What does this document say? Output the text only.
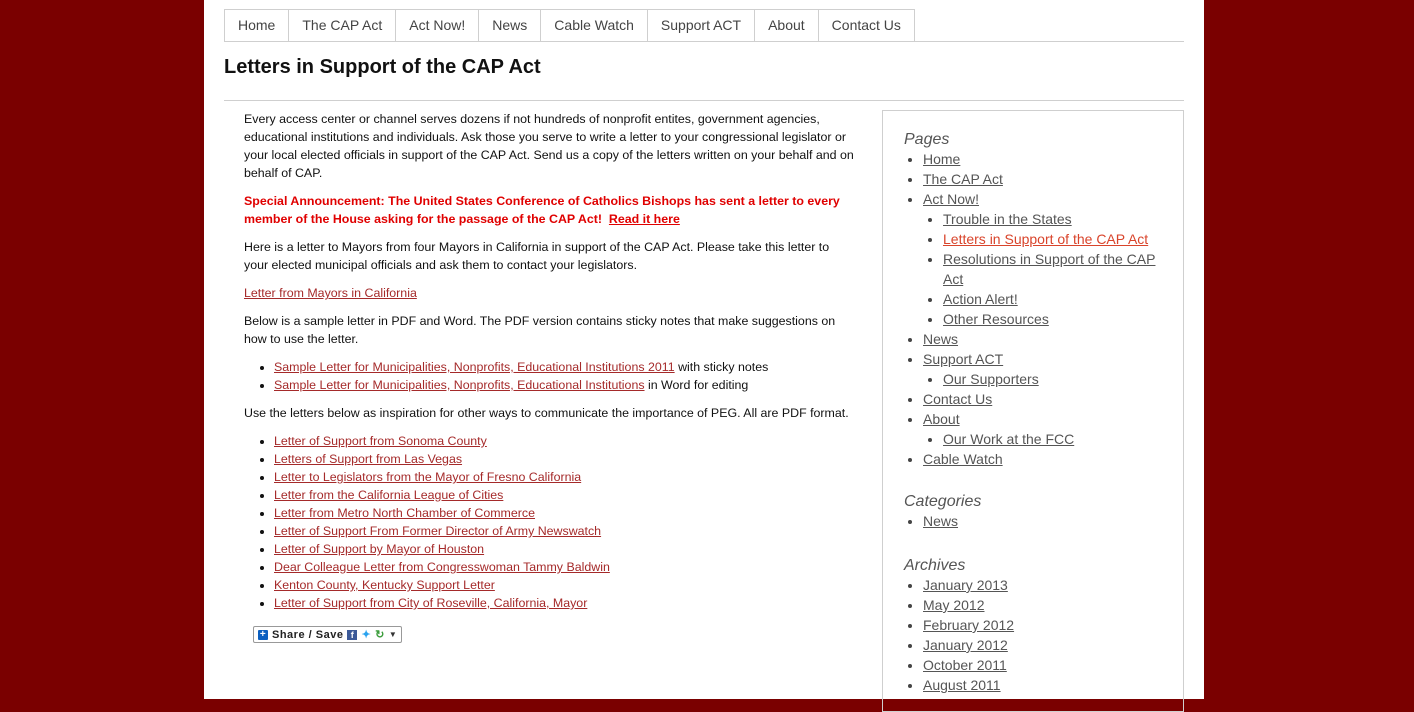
Home	The CAP Act	Act Now!	News	Cable Watch	Support ACT	About	Contact Us
Letters in Support of the CAP Act

Every access center or channel serves dozens if not hundreds of nonprofit entites, government agencies, educational institutions and individuals. Ask those you serve to write a letter to your congressional legislator or your local elected officials in support of the CAP Act. Send us a copy of the letters written on your behalf and on behalf of CAP.

Special Announcement: The United States Conference of Catholics Bishops has sent a letter to every member of the House asking for the passage of the CAP Act! Read it here

Here is a letter to Mayors from four Mayors in California in support of the CAP Act. Please take this letter to your elected municipal officials and ask them to contact your legislators.

Letter from Mayors in California

Below is a sample letter in PDF and Word. The PDF version contains sticky notes that make suggestions on how to use the letter.

• Sample Letter for Municipalities, Nonprofits, Educational Institutions 2011 with sticky notes
• Sample Letter for Municipalities, Nonprofits, Educational Institutions in Word for editing

Use the letters below as inspiration for other ways to communicate the importance of PEG. All are PDF format.

• Letter of Support from Sonoma County
• Letters of Support from Las Vegas
• Letter to Legislators from the Mayor of Fresno California
• Letter from the California League of Cities
• Letter from Metro North Chamber of Commerce
• Letter of Support From Former Director of Army Newswatch
• Letter of Support by Mayor of Houston
• Dear Colleague Letter from Congresswoman Tammy Baldwin
• Kenton County, Kentucky Support Letter
• Letter of Support from City of Roseville, California, Mayor
+ Share / Save f ✦ ↻ ▼
Pages
• Home
• The CAP Act
• Act Now!
• Trouble in the States
• Letters in Support of the CAP Act
• Resolutions in Support of the CAP Act
• Action Alert!
• Other Resources
• News
• Support ACT
• Our Supporters
• Contact Us
• About
• Our Work at the FCC
• Cable Watch
Categories
• News
Archives
• January 2013
• May 2012
• February 2012
• January 2012
• October 2011
• August 2011
